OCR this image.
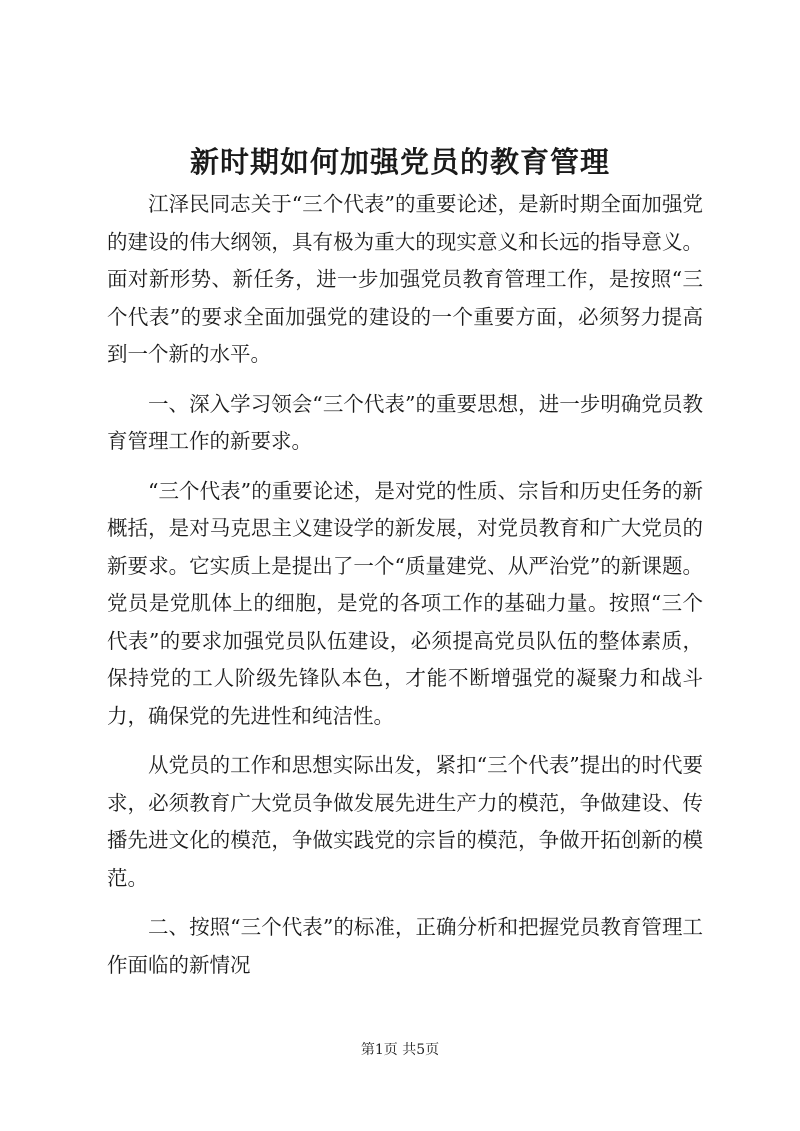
新时期如何加强党员的教育管理

江泽民同志关于“三个代表”的重要论述，是新时期全面加强党的建设的伟大纲领，具有极为重大的现实意义和长远的指导意义。面对新形势、新任务，进一步加强党员教育管理工作，是按照“三个代表”的要求全面加强党的建设的一个重要方面，必须努力提高到一个新的水平。

一、深入学习领会“三个代表”的重要思想，进一步明确党员教育管理工作的新要求。

“三个代表”的重要论述，是对党的性质、宗旨和历史任务的新概括，是对马克思主义建设学的新发展，对党员教育和广大党员的新要求。它实质上是提出了一个“质量建党、从严治党”的新课题。党员是党肌体上的细胞，是党的各项工作的基础力量。按照“三个代表”的要求加强党员队伍建设，必须提高党员队伍的整体素质，保持党的工人阶级先锋队本色，才能不断增强党的凝聚力和战斗力，确保党的先进性和纯洁性。

从党员的工作和思想实际出发，紧扣“三个代表”提出的时代要求，必须教育广大党员争做发展先进生产力的模范，争做建设、传播先进文化的模范，争做实践党的宗旨的模范，争做开拓创新的模范。

二、按照“三个代表”的标准，正确分析和把握党员教育管理工作面临的新情况

第1页 共5页
